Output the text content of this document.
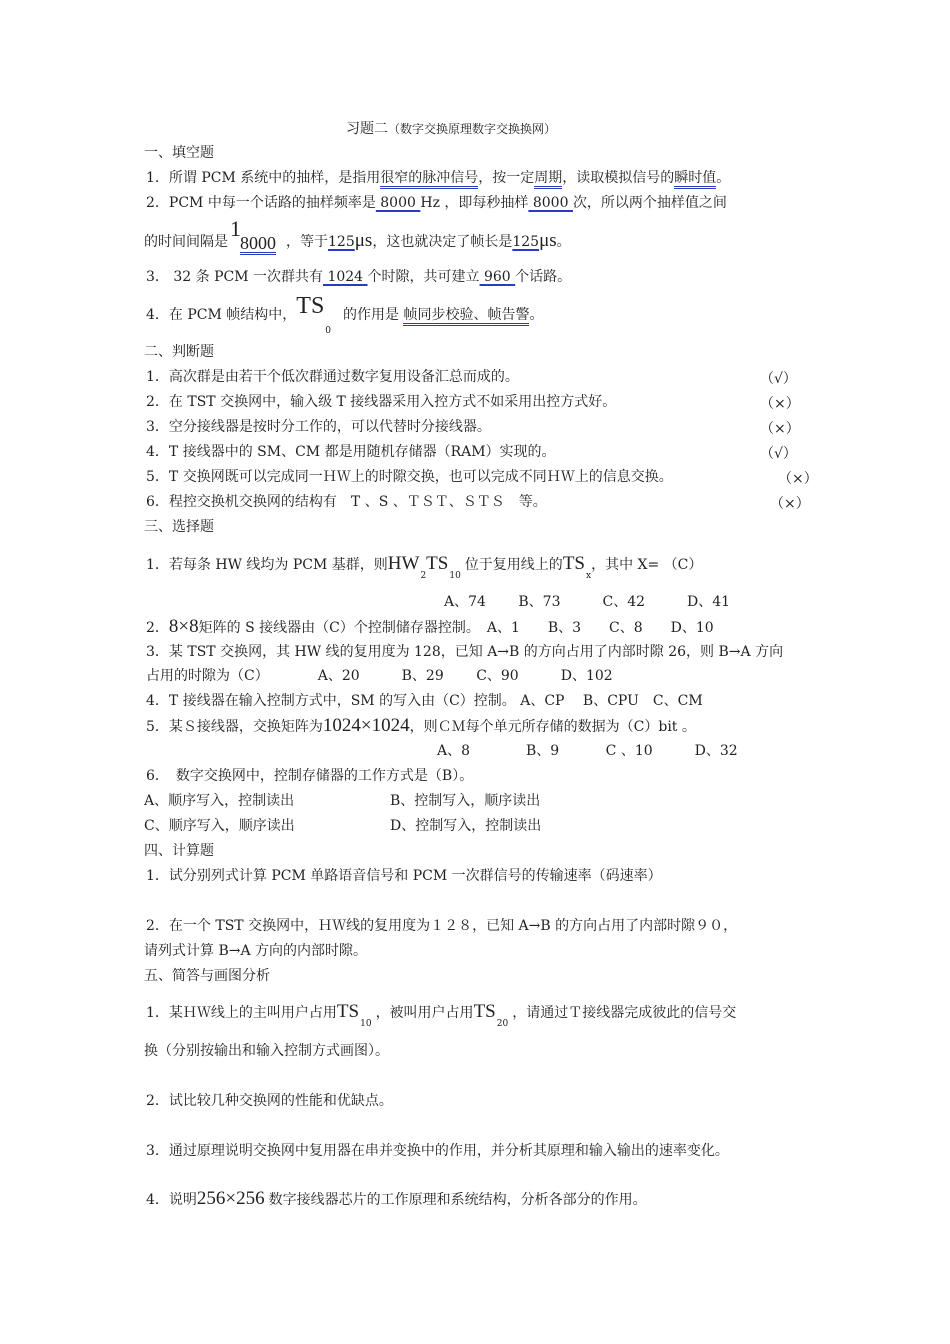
习题二（数字交换原理数字交换换网）
一、填空题
1．所谓 PCM 系统中的抽样，是指用很窄的脉冲信号，按一定周期，读取模拟信号的瞬时值。
2．PCM 中每一个话路的抽样频率是 8000 Hz ，即每秒抽样 8000 次，所以两个抽样值之间
的时间间隔是
1
8000 ，等于125μs，这也就决定了帧长是125μs。
3． 32 条 PCM 一次群共有 1024 个时隙，共可建立 960 个话路。
4．在 PCM 帧结构中，$TS_0$的作用是 帧同步校验、帧告警。
二、判断题
1．高次群是由若干个低次群通过数字复用设备汇总而成的。	（√）
2．在 TST 交换网中，输入级 T 接线器采用入控方式不如采用出控方式好。	（×）
3．空分接线器是按时分工作的，可以代替时分接线器。	（×）
4．T 接线器中的 SM、CM 都是用随机存储器（RAM）实现的。	（√）
5．T 交换网既可以完成同一ＨＷ上的时隙交换，也可以完成不同ＨＷ上的信息交换。	（×）
6．程控交换机交换网的结构有　T 、S 、ＴＳＴ、ＳＴＳ　等。	（×）
三、选择题
1．若每条 HW 线均为 PCM 基群，则$HW_2TS_{10}$位于复用线上的$TS_x$，其中 X= （C）
A、74　　 B、73　　　C、42　　　D、41
2．8×8矩阵的 S 接线器由（C）个控制储存器控制。　A、1　　B、3　　C、8　　D、10
3．某 TST 交换网，其 HW 线的复用度为 128，已知 A→B 的方向占用了内部时隙 26，则 B→A 方向
占用的时隙为（C）　　　　A、20　　　B、29　　 C、90　　　D、102
4．T 接线器在输入控制方式中，SM 的写入由（C）控制。 A、CP　 B、CPU　C、CM
5．某Ｓ接线器，交换矩阵为1024×1024，则ＣＭ每个单元所存储的数据为（C）bit 。
A、8　　　　B、9　　　 C 、10　　　D、32
6．　数字交换网中，控制存储器的工作方式是（B）。
A、顺序写入，控制读出	B、控制写入，顺序读出
C、顺序写入，顺序读出	D、控制写入，控制读出
四、计算题
1．试分别列式计算 PCM 单路语音信号和 PCM 一次群信号的传输速率（码速率）
2．在一个 TST 交换网中，ＨＷ线的复用度为１２８，已知 A→B 的方向占用了内部时隙９０，
请列式计算 B→A 方向的内部时隙。
五、简答与画图分析
1．某ＨＷ线上的主叫用户占用$TS_{10}$，被叫用户占用$TS_{20}$，请通过Ｔ接线器完成彼此的信号交
换（分别按输出和输入控制方式画图）。
2．试比较几种交换网的性能和优缺点。
3．通过原理说明交换网中复用器在串并变换中的作用，并分析其原理和输入输出的速率变化。
4．说明256×256 数字接线器芯片的工作原理和系统结构，分析各部分的作用。
